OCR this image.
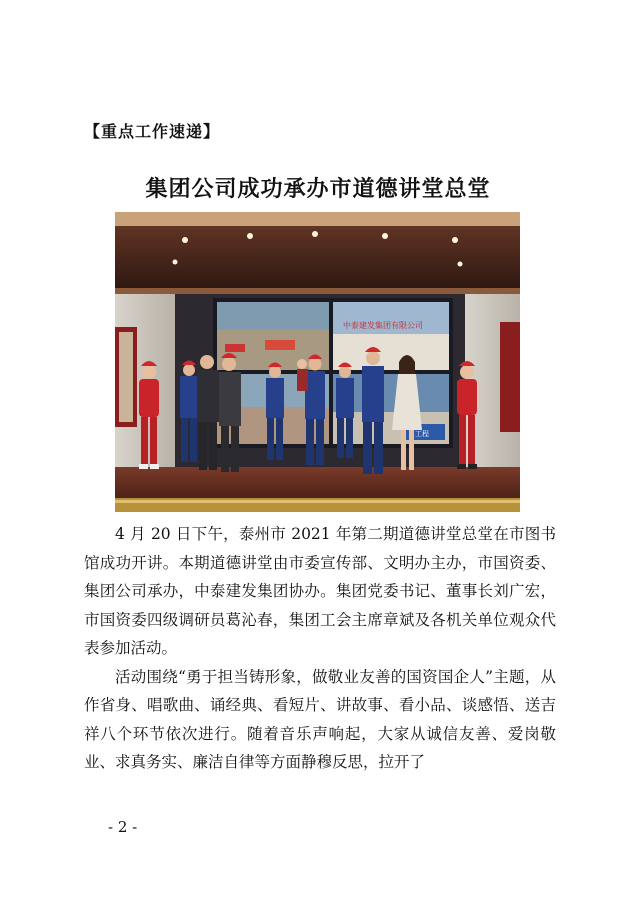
【重点工作速递】
集团公司成功承办市道德讲堂总堂
中泰建发集团有限公司
工程

4 月 20 日下午，泰州市 2021 年第二期道德讲堂总堂在市图书馆成功开讲。本期道德讲堂由市委宣传部、文明办主办，市国资委、集团公司承办，中泰建发集团协办。集团党委书记、董事长刘广宏，市国资委四级调研员葛沁春，集团工会主席章斌及各机关单位观众代表参加活动。

活动围绕“勇于担当铸形象，做敬业友善的国资国企人”主题，从作省身、唱歌曲、诵经典、看短片、讲故事、看小品、谈感悟、送吉祥八个环节依次进行。随着音乐声响起，大家从诚信友善、爱岗敬业、求真务实、廉洁自律等方面静穆反思，拉开了

- 2 -
